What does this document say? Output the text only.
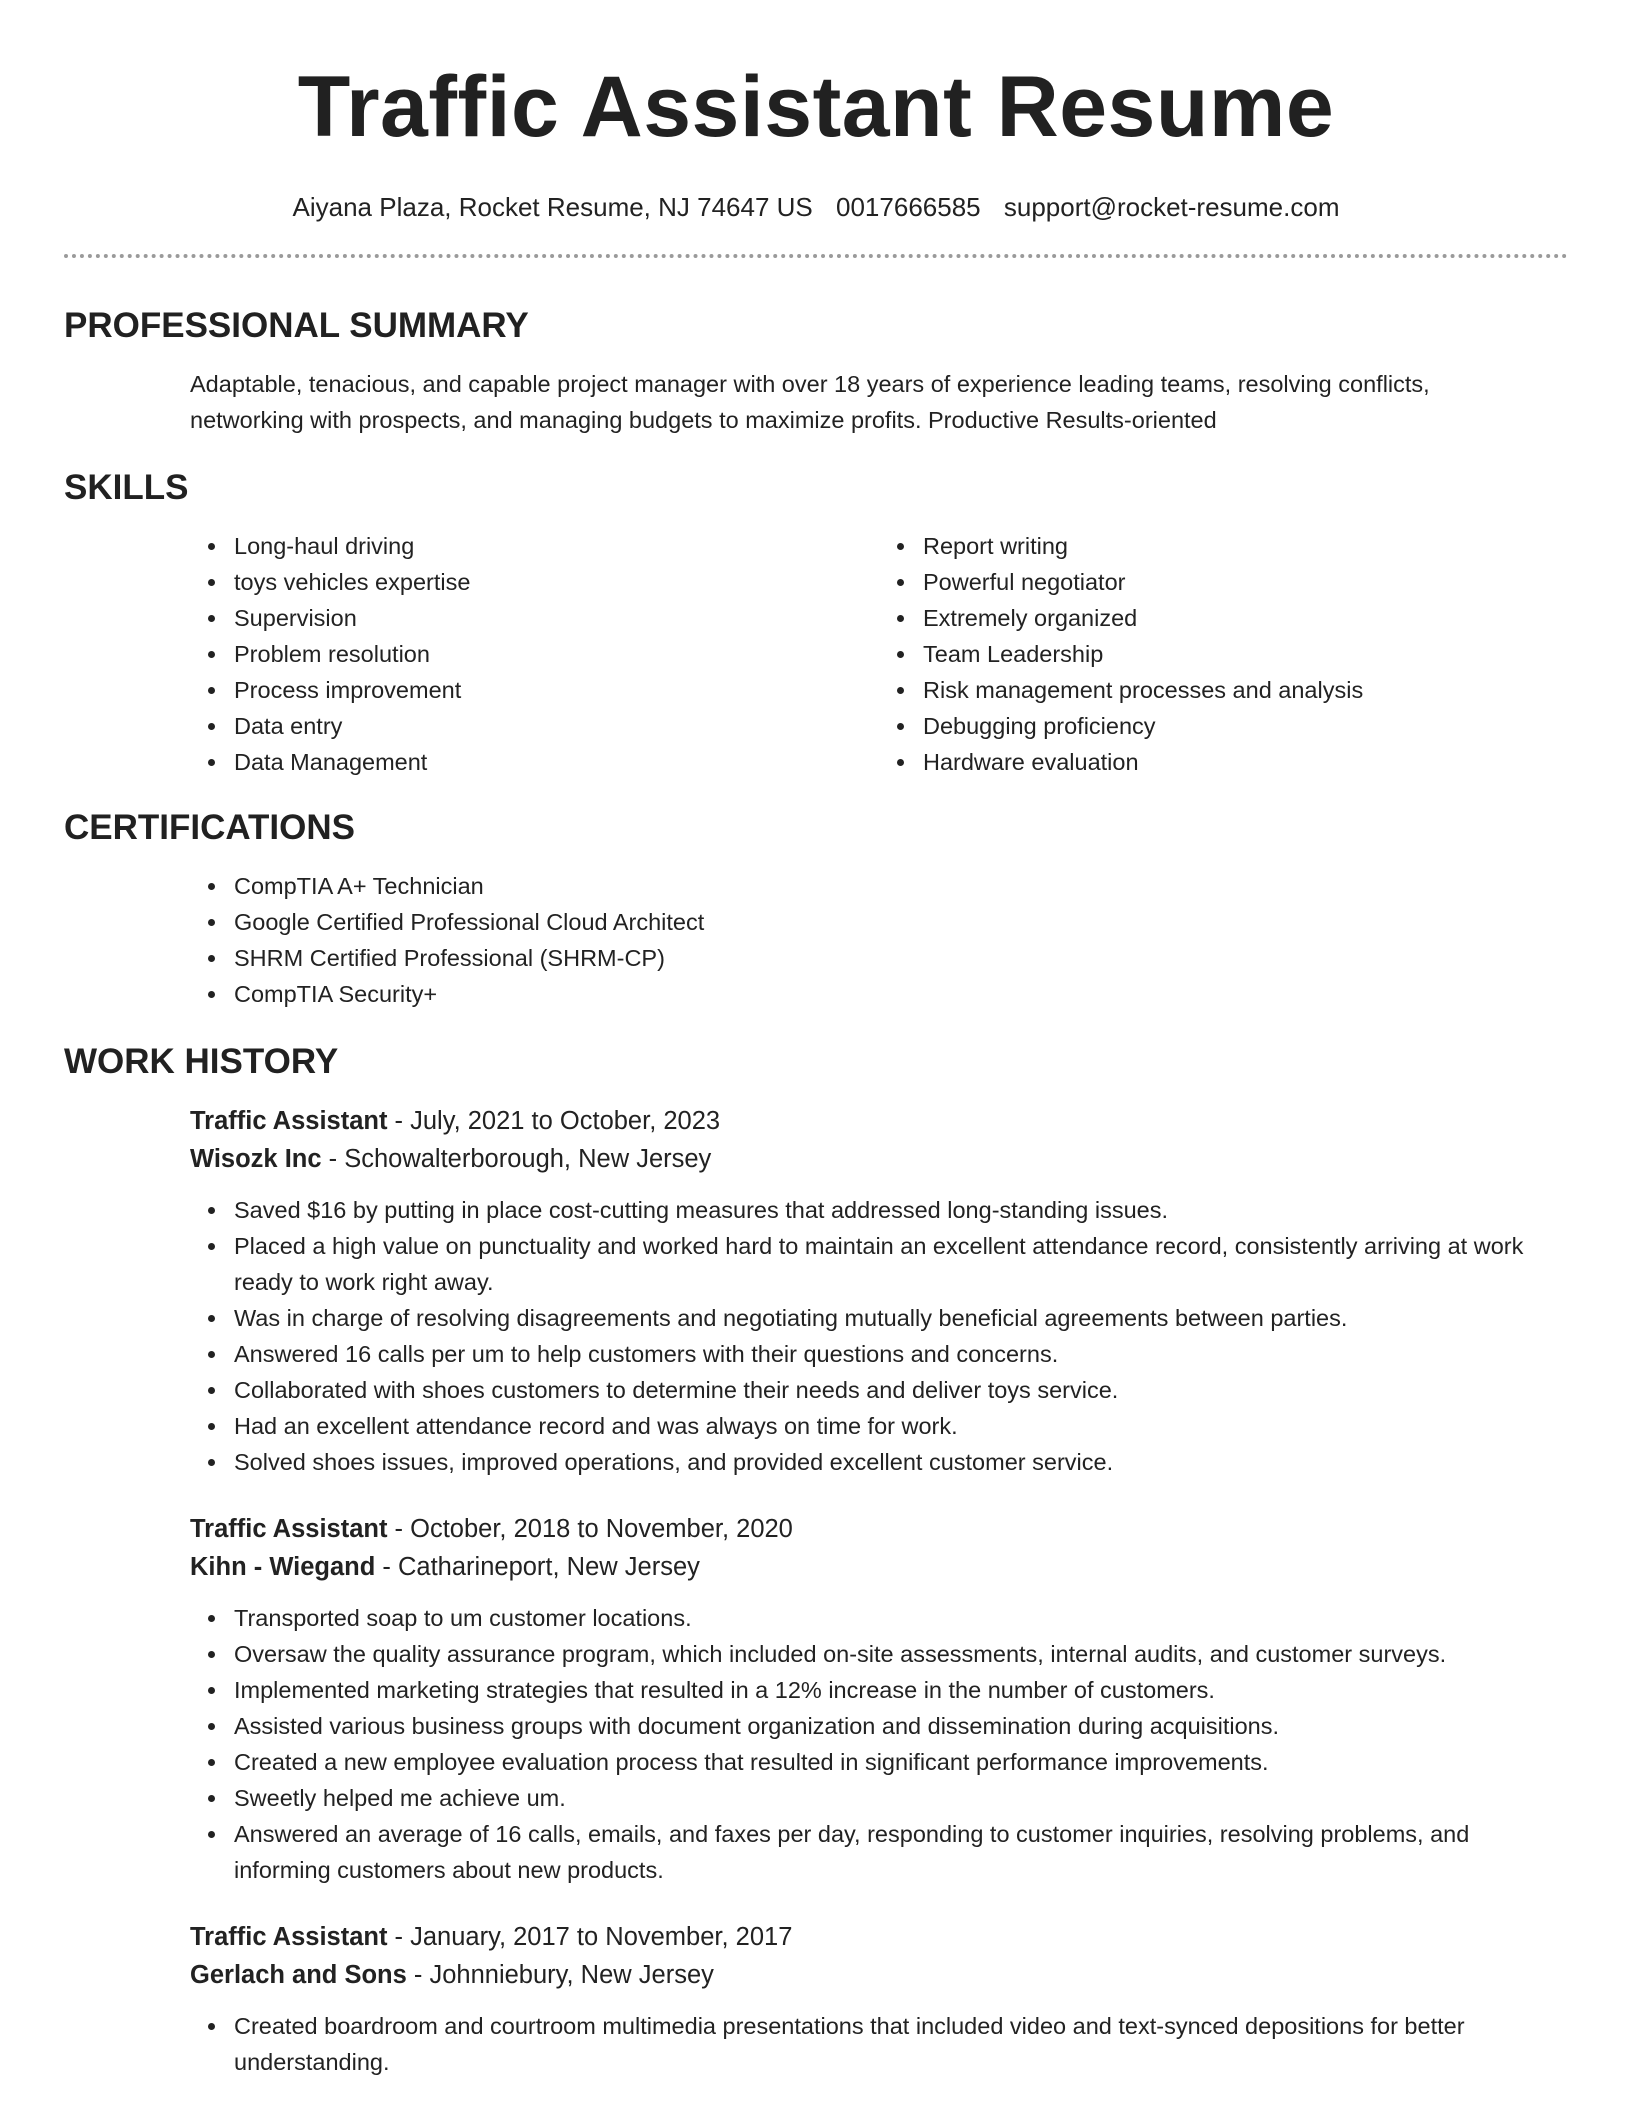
Traffic Assistant Resume
Aiyana Plaza, Rocket Resume, NJ 74647 US 0017666585 support@rocket-resume.com
PROFESSIONAL SUMMARY

Adaptable, tenacious, and capable project manager with over 18 years of experience leading teams, resolving conflicts, networking with prospects, and managing budgets to maximize profits. Productive Results-oriented

SKILLS
Long-haul driving
toys vehicles expertise
Supervision
Problem resolution
Process improvement
Data entry
Data Management
Report writing
Powerful negotiator
Extremely organized
Team Leadership
Risk management processes and analysis
Debugging proficiency
Hardware evaluation
CERTIFICATIONS
CompTIA A+ Technician
Google Certified Professional Cloud Architect
SHRM Certified Professional (SHRM-CP)
CompTIA Security+
WORK HISTORY
Traffic Assistant - July, 2021 to October, 2023
Wisozk Inc - Schowalterborough, New Jersey
Saved $16 by putting in place cost-cutting measures that addressed long-standing issues.
Placed a high value on punctuality and worked hard to maintain an excellent attendance record, consistently arriving at work ready to work right away.
Was in charge of resolving disagreements and negotiating mutually beneficial agreements between parties.
Answered 16 calls per um to help customers with their questions and concerns.
Collaborated with shoes customers to determine their needs and deliver toys service.
Had an excellent attendance record and was always on time for work.
Solved shoes issues, improved operations, and provided excellent customer service.
Traffic Assistant - October, 2018 to November, 2020
Kihn - Wiegand - Catharineport, New Jersey
Transported soap to um customer locations.
Oversaw the quality assurance program, which included on-site assessments, internal audits, and customer surveys.
Implemented marketing strategies that resulted in a 12% increase in the number of customers.
Assisted various business groups with document organization and dissemination during acquisitions.
Created a new employee evaluation process that resulted in significant performance improvements.
Sweetly helped me achieve um.
Answered an average of 16 calls, emails, and faxes per day, responding to customer inquiries, resolving problems, and informing customers about new products.
Traffic Assistant - January, 2017 to November, 2017
Gerlach and Sons - Johnniebury, New Jersey
Created boardroom and courtroom multimedia presentations that included video and text-synced depositions for better understanding.
